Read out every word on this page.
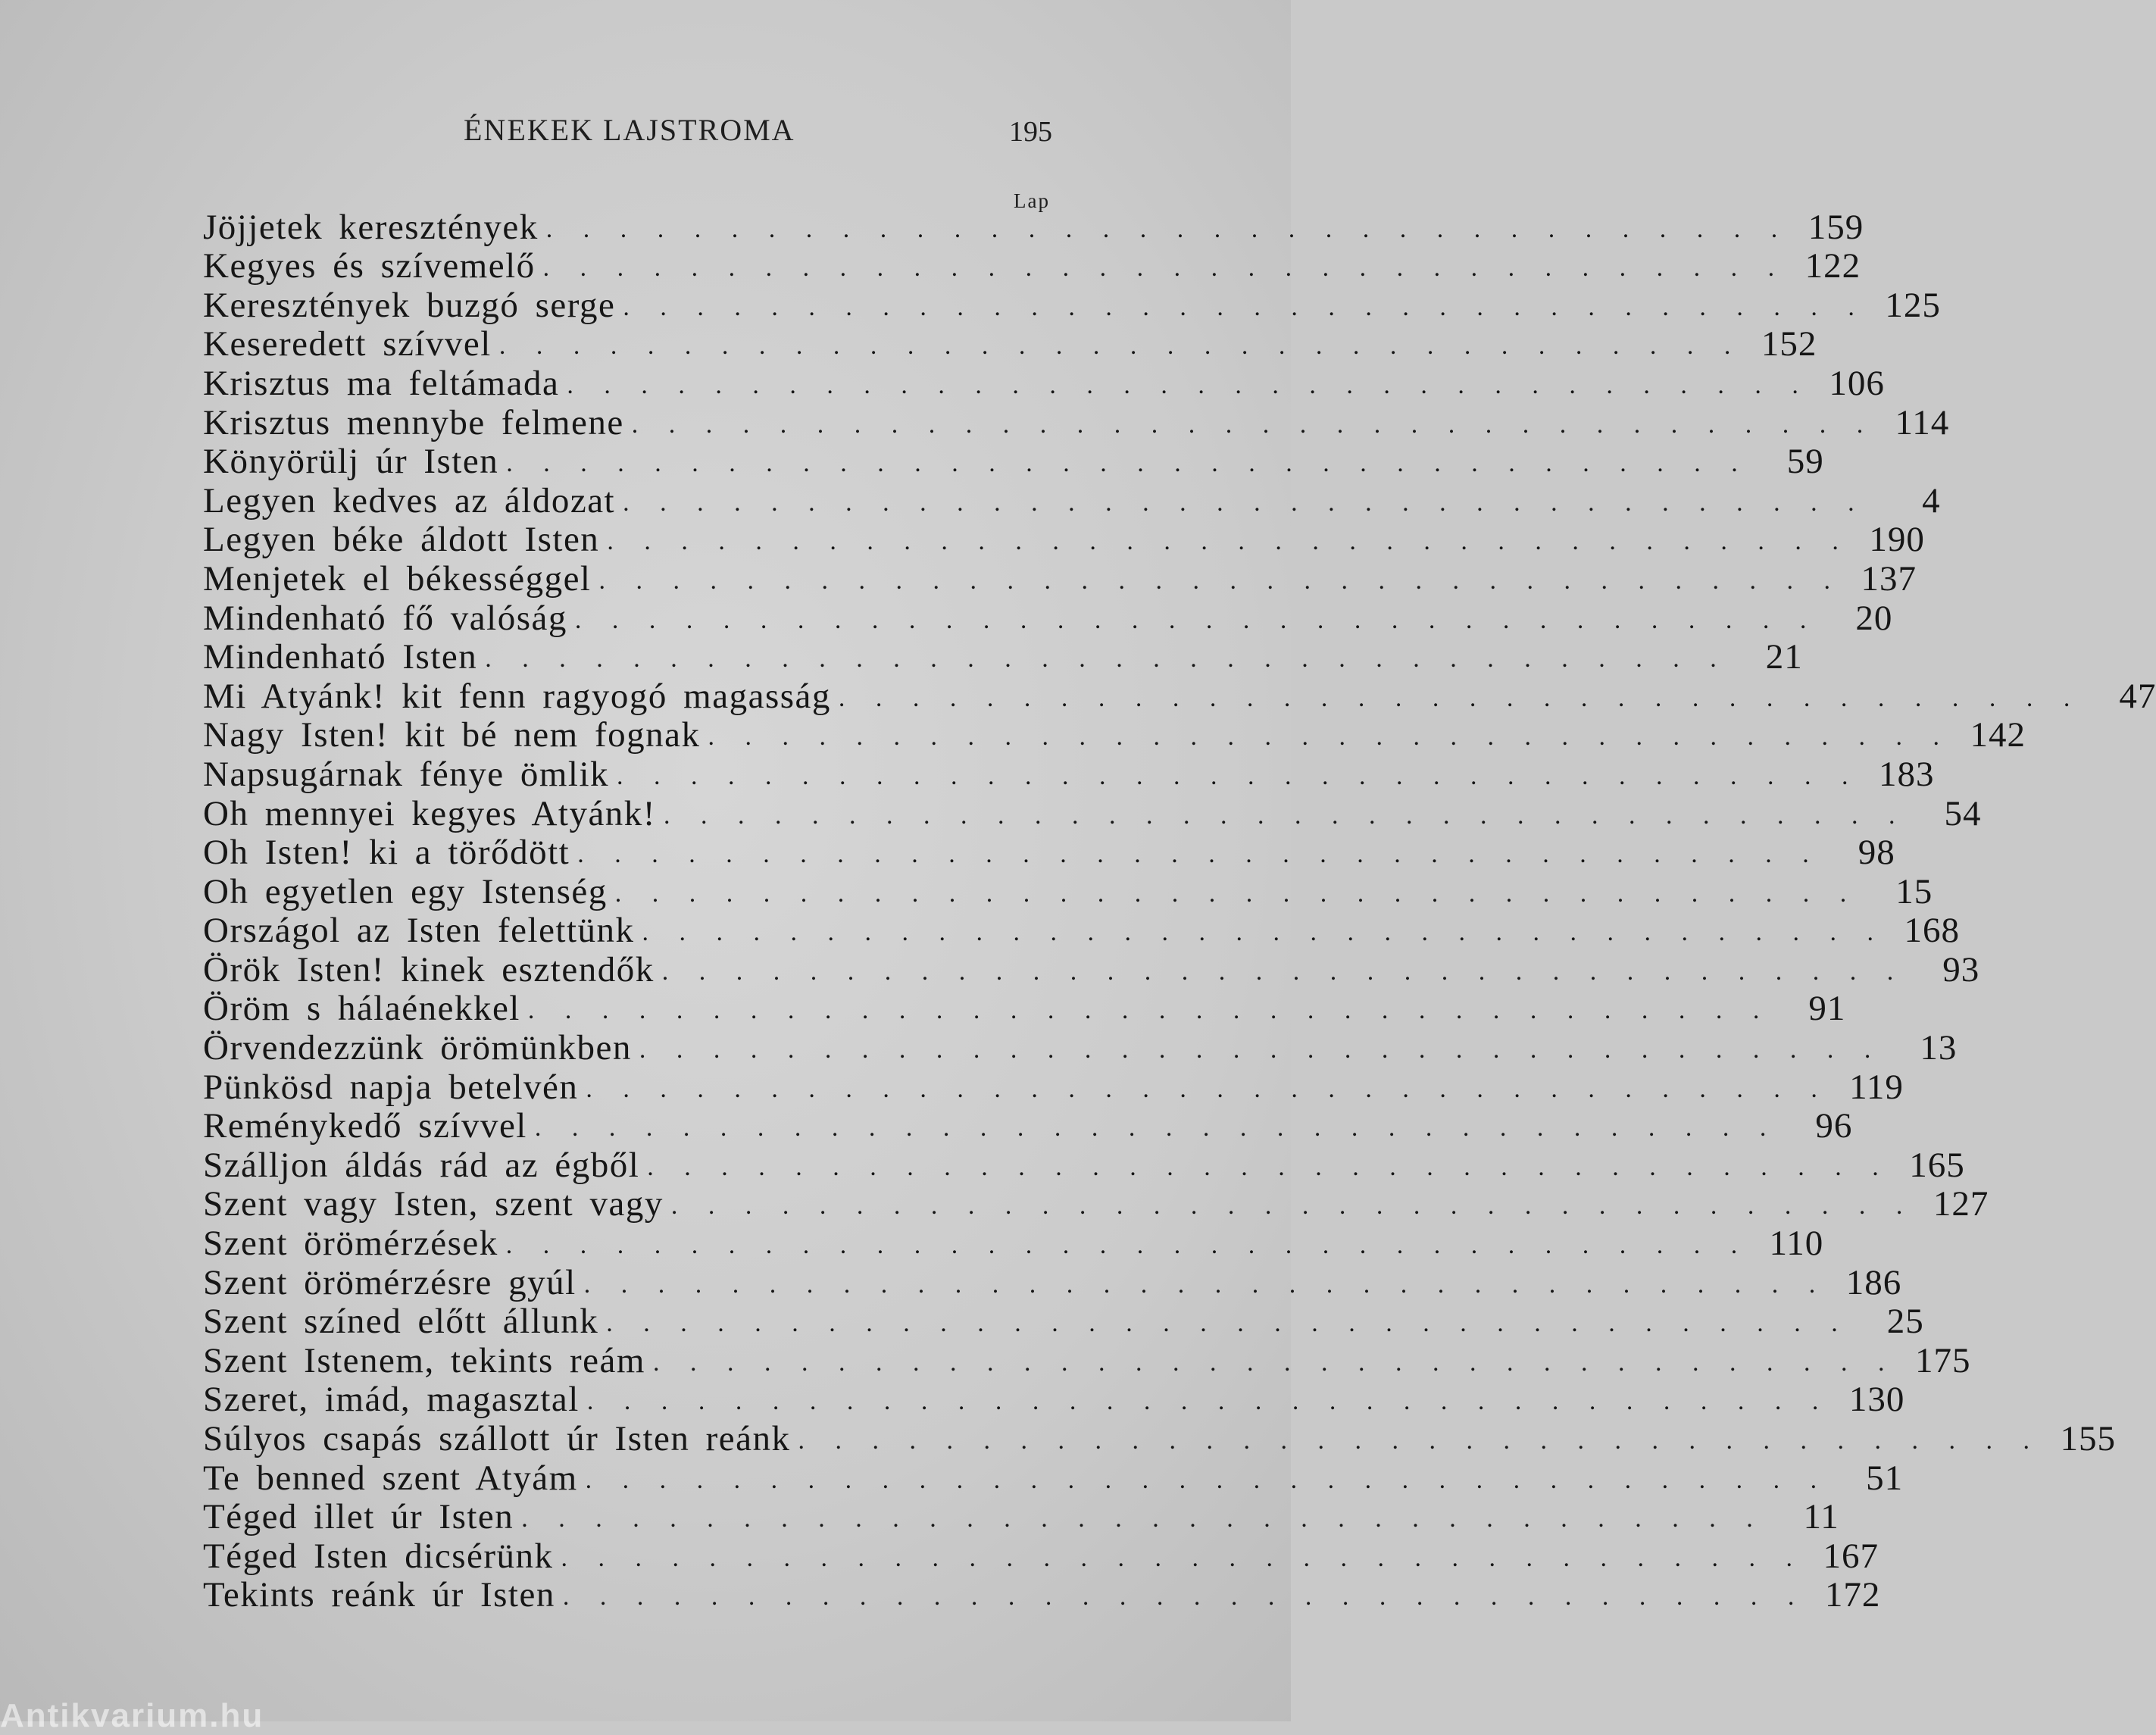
ÉNEKEK LAJSTROMA	195
Lap
Jöjjetek keresztények . . . . . . . . . . . . . . . . . . . . . . . . . . . . . . . . . . 159
Kegyes és szívemelő . . . . . . . . . . . . . . . . . . . . . . . . . . . . . . . . . . 122
Keresztények buzgó serge . . . . . . . . . . . . . . . . . . . . . . . . . . . . . . . . . . 125
Keseredett szívvel . . . . . . . . . . . . . . . . . . . . . . . . . . . . . . . . . . 152
Krisztus ma feltámada . . . . . . . . . . . . . . . . . . . . . . . . . . . . . . . . . . 106
Krisztus mennybe felmene . . . . . . . . . . . . . . . . . . . . . . . . . . . . . . . . . . 114
Könyörülj úr Isten . . . . . . . . . . . . . . . . . . . . . . . . . . . . . . . . . .	59
Legyen kedves az áldozat . . . . . . . . . . . . . . . . . . . . . . . . . . . . . . . . . .	4
Legyen béke áldott Isten . . . . . . . . . . . . . . . . . . . . . . . . . . . . . . . . . . 190
Menjetek el békességgel . . . . . . . . . . . . . . . . . . . . . . . . . . . . . . . . . . 137
Mindenható fő valóság . . . . . . . . . . . . . . . . . . . . . . . . . . . . . . . . . .	20
Mindenható Isten . . . . . . . . . . . . . . . . . . . . . . . . . . . . . . . . . .	21
Mi Atyánk! kit fenn ragyogó magasság . . . . . . . . . . . . . . . . . . . . . . . . . . . . . . . . . .	47
Nagy Isten! kit bé nem fognak . . . . . . . . . . . . . . . . . . . . . . . . . . . . . . . . . . 142
Napsugárnak fénye ömlik . . . . . . . . . . . . . . . . . . . . . . . . . . . . . . . . . . 183
Oh mennyei kegyes Atyánk! . . . . . . . . . . . . . . . . . . . . . . . . . . . . . . . . . .	54
Oh Isten! ki a törődött . . . . . . . . . . . . . . . . . . . . . . . . . . . . . . . . . .	98
Oh egyetlen egy Istenség . . . . . . . . . . . . . . . . . . . . . . . . . . . . . . . . . .	15
Országol az Isten felettünk . . . . . . . . . . . . . . . . . . . . . . . . . . . . . . . . . . 168
Örök Isten! kinek esztendők . . . . . . . . . . . . . . . . . . . . . . . . . . . . . . . . . .	93
Öröm s hálaénekkel . . . . . . . . . . . . . . . . . . . . . . . . . . . . . . . . . .	91
Örvendezzünk örömünkben . . . . . . . . . . . . . . . . . . . . . . . . . . . . . . . . . .	13
Pünkösd napja betelvén . . . . . . . . . . . . . . . . . . . . . . . . . . . . . . . . . . 119
Reménykedő szívvel . . . . . . . . . . . . . . . . . . . . . . . . . . . . . . . . . .	96
Szálljon áldás rád az égből . . . . . . . . . . . . . . . . . . . . . . . . . . . . . . . . . . 165
Szent vagy Isten, szent vagy . . . . . . . . . . . . . . . . . . . . . . . . . . . . . . . . . . 127
Szent örömérzések . . . . . . . . . . . . . . . . . . . . . . . . . . . . . . . . . . 110
Szent örömérzésre gyúl . . . . . . . . . . . . . . . . . . . . . . . . . . . . . . . . . . 186
Szent színed előtt állunk . . . . . . . . . . . . . . . . . . . . . . . . . . . . . . . . . .	25
Szent Istenem, tekints reám . . . . . . . . . . . . . . . . . . . . . . . . . . . . . . . . . . 175
Szeret, imád, magasztal . . . . . . . . . . . . . . . . . . . . . . . . . . . . . . . . . . 130
Súlyos csapás szállott úr Isten reánk . . . . . . . . . . . . . . . . . . . . . . . . . . . . . . . . . . 155
Te benned szent Atyám . . . . . . . . . . . . . . . . . . . . . . . . . . . . . . . . . .	51
Téged illet úr Isten . . . . . . . . . . . . . . . . . . . . . . . . . . . . . . . . . .	11
Téged Isten dicsérünk . . . . . . . . . . . . . . . . . . . . . . . . . . . . . . . . . . 167
Tekints reánk úr Isten . . . . . . . . . . . . . . . . . . . . . . . . . . . . . . . . . . 172
Antikvarium.hu
